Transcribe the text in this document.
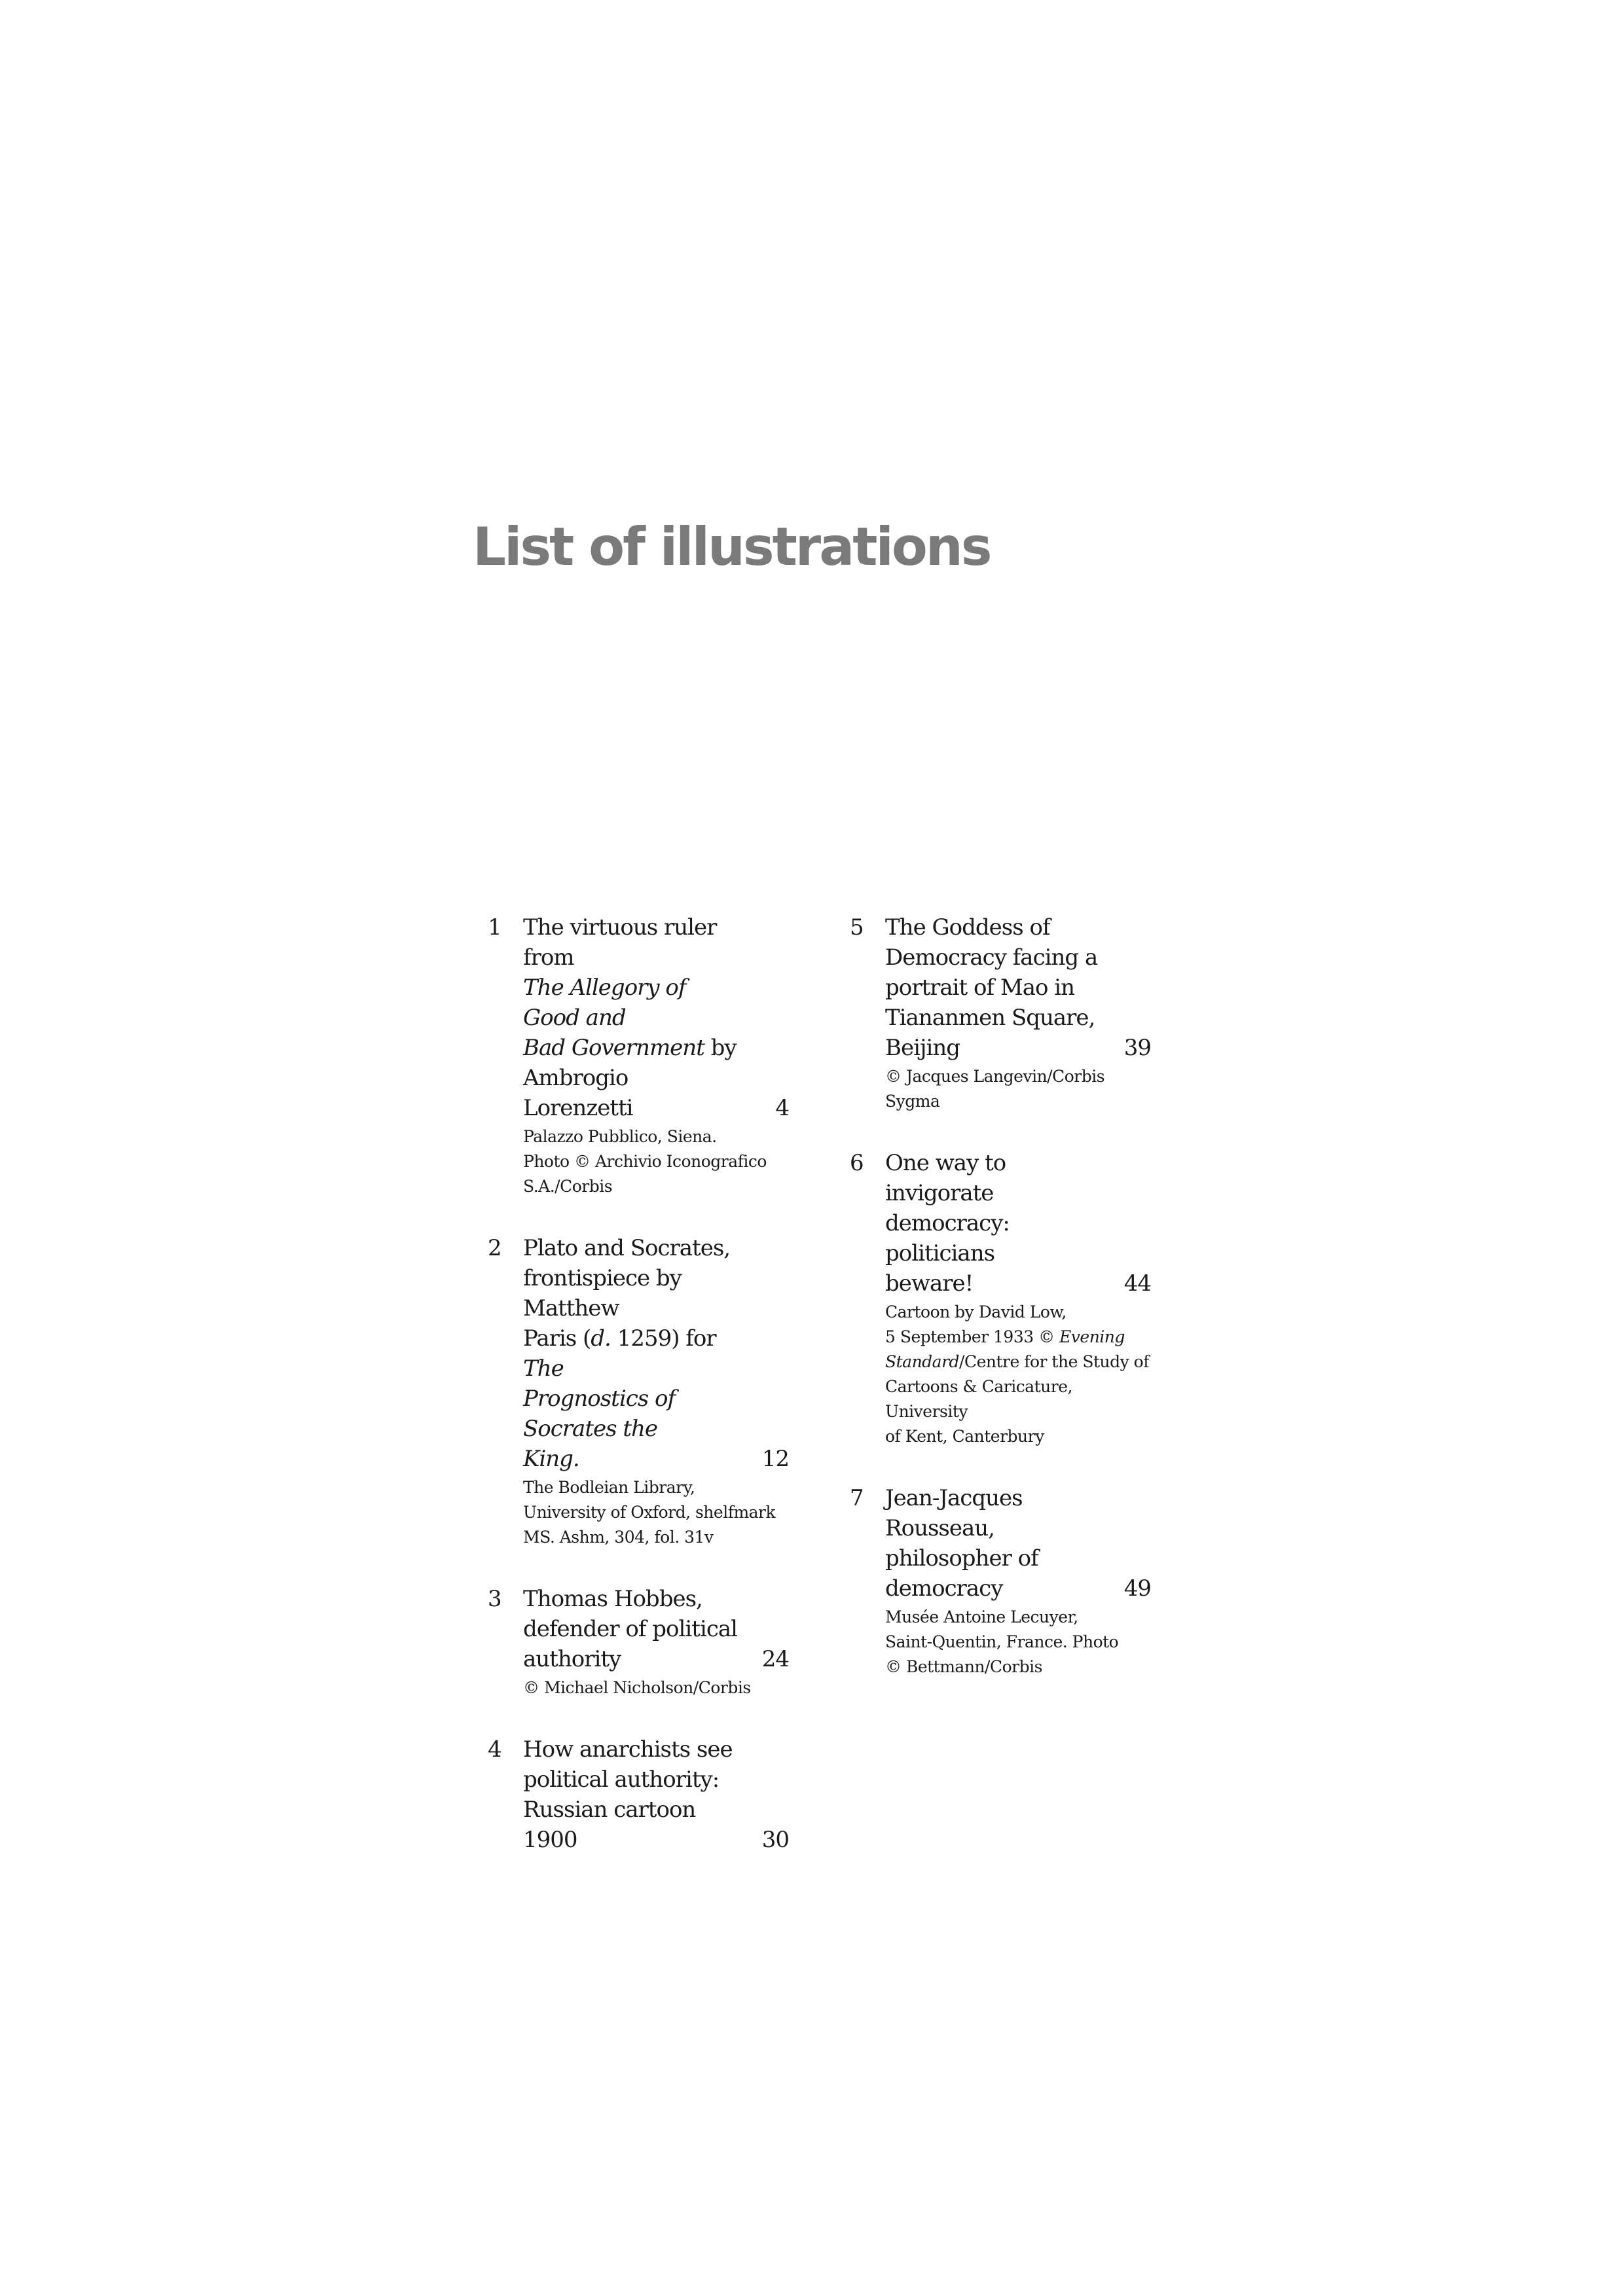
List of illustrations
1 The virtuous ruler from
The Allegory of Good and
Bad Government by
Ambrogio Lorenzetti	4
Palazzo Pubblico, Siena.
Photo © Archivio Iconografico
S.A./Corbis
2 Plato and Socrates,
frontispiece by Matthew
Paris (d. 1259) for The
Prognostics of Socrates the
King.	12
The Bodleian Library,
University of Oxford, shelfmark
MS. Ashm, 304, fol. 31v
3 Thomas Hobbes,
defender of political
authority	24
© Michael Nicholson/Corbis
4 How anarchists see
political authority:
Russian cartoon 1900	30
5 The Goddess of
Democracy facing a
portrait of Mao in
Tiananmen Square,
Beijing	39
© Jacques Langevin/Corbis
Sygma
6 One way to invigorate
democracy: politicians
beware!	44
Cartoon by David Low,
5 September 1933 © Evening
Standard/Centre for the Study of
Cartoons & Caricature, University
of Kent, Canterbury
7 Jean-Jacques Rousseau,
philosopher of
democracy	49
Musée Antoine Lecuyer,
Saint-Quentin, France. Photo
© Bettmann/Corbis
